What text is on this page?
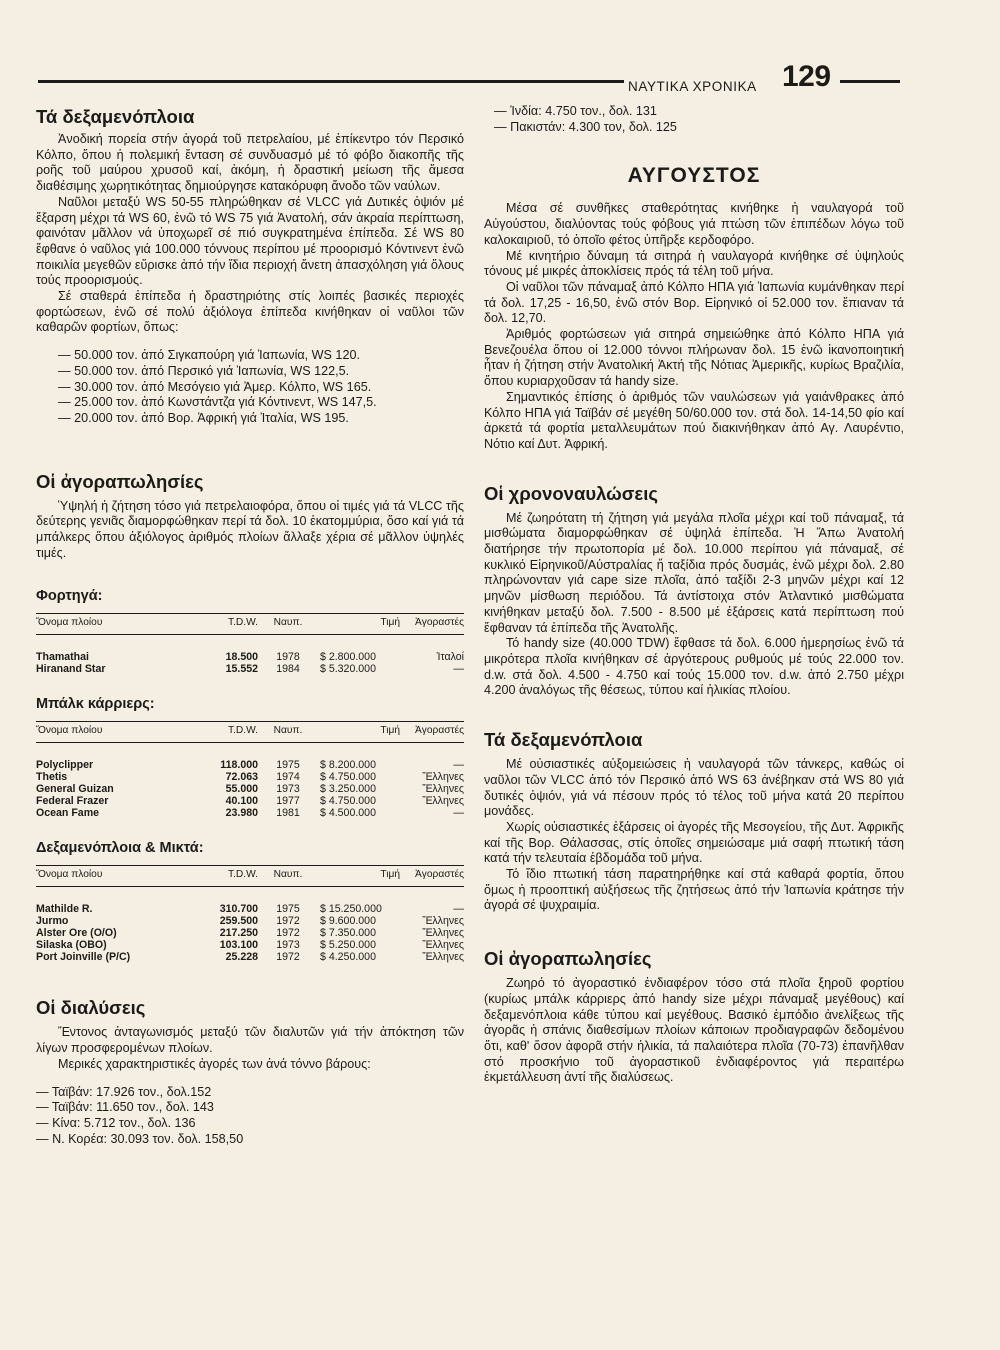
ΝΑΥΤΙΚΑ ΧΡΟΝΙΚΑ 129
Τά δεξαμενόπλοια

Ἀνοδική πορεία στήν ἀγορά τοῦ πετρελαίου, μέ ἐπίκεντρο τόν Περσικό Κόλπο, ὅπου ἡ πολεμική ἔνταση σέ συνδυασμό μέ τό φόβο διακοπῆς τῆς ροῆς τοῦ μαύρου χρυσοῦ καί, ἀκόμη, ἡ δραστική μείωση τῆς ἄμεσα διαθέσιμης χωρητικότητας δημιούργησε κατακόρυφη ἄνοδο τῶν ναύλων.

Ναῦλοι μεταξύ WS 50-55 πληρώθηκαν σέ VLCC γιά Δυτικές ὀψιόν μέ ἔξαρση μέχρι τά WS 60, ἐνῶ τό WS 75 γιά Ἀνατολή, σάν ἀκραία περίπτωση, φαινόταν μᾶλλον νά ὑποχωρεῖ σέ πιό συγκρατημένα ἐπίπεδα. Σέ WS 80 ἔφθανε ὁ ναῦλος γιά 100.000 τόννους περίπου μέ προορισμό Κόντινεντ ἐνῶ ποικιλία μεγεθῶν εὕρισκε ἀπό τήν ἴδια περιοχή ἄνετη ἀπασχόληση γιά ὅλους τούς προορισμούς.

Σέ σταθερά ἐπίπεδα ἡ δραστηριότης στίς λοιπές βασικές περιοχές φορτώσεων, ἐνῶ σέ πολύ ἀξιόλογα ἐπίπεδα κινήθηκαν οἱ ναῦλοι τῶν καθαρῶν φορτίων, ὅπως:

— 50.000 τον. ἀπό Σιγκαπούρη γιά Ἰαπωνία, WS 120.
— 50.000 τον. ἀπό Περσικό γιά Ἰαπωνία, WS 122,5.
— 30.000 τον. ἀπό Μεσόγειο γιά Ἀμερ. Κόλπο, WS 165.
— 25.000 τον. ἀπό Κωνστάντζα γιά Κόντινεντ, WS 147,5.
— 20.000 τον. ἀπό Βορ. Ἀφρική γιά Ἰταλία, WS 195.
Οἱ ἀγοραπωλησίες

Ὑψηλή ἡ ζήτηση τόσο γιά πετρελαιοφόρα, ὅπου οἱ τιμές γιά τά VLCC τῆς δεύτερης γενιᾶς διαμορφώθηκαν περί τά δολ. 10 ἑκατομμύρια, ὅσο καί γιά τά μπάλκερς ὅπου ἀξιόλογος ἀριθμός πλοίων ἄλλαξε χέρια σέ μᾶλλον ὑψηλές τιμές.

Φορτηγά:
Ὄνομα πλοίου	T.D.W.	Ναυπ.	Τιμή	Ἀγοραστές

Thamathai	18.500	1978	$ 2.800.000	Ἰταλοί
Hiranand Star	15.552	1984	$ 5.320.000	—
Μπάλκ κάρριερς:
Ὄνομα πλοίου	T.D.W.	Ναυπ.	Τιμή	Ἀγοραστές

Polyclipper	118.000	1975	$ 8.200.000	—
Thetis	72.063	1974	$ 4.750.000	Ἕλληνες
General Guizan	55.000	1973	$ 3.250.000	Ἕλληνες
Federal Frazer	40.100	1977	$ 4.750.000	Ἕλληνες
Ocean Fame	23.980	1981	$ 4.500.000	—
Δεξαμενόπλοια & Μικτά:
Ὄνομα πλοίου	T.D.W.	Ναυπ.	Τιμή	Ἀγοραστές

Mathilde R.	310.700	1975	$ 15.250.000	—
Jurmo	259.500	1972	$ 9.600.000	Ἕλληνες
Alster Ore (O/O)	217.250	1972	$ 7.350.000	Ἕλληνες
Silaska (OBO)	103.100	1973	$ 5.250.000	Ἕλληνες
Port Joinville (P/C)	25.228	1972	$ 4.250.000	Ἕλληνες
Οἱ διαλύσεις

Ἔντονος ἀνταγωνισμός μεταξύ τῶν διαλυτῶν γιά τήν ἀπόκτηση τῶν λίγων προσφερομένων πλοίων.

Μερικές χαρακτηριστικές ἀγορές των ἀνά τόννο βάρους:

— Ταϊβάν: 17.926 τον., δολ.152
— Ταϊβάν: 11.650 τον., δολ. 143
— Κίνα: 5.712 τον., δολ. 136
— Ν. Κορέα: 30.093 τον. δολ. 158,50
— Ἰνδία: 4.750 τον., δολ. 131
— Πακιστάν: 4.300 τον, δολ. 125
ΑΥΓΟΥΣΤΟΣ

Μέσα σέ συνθῆκες σταθερότητας κινήθηκε ἡ ναυλαγορά τοῦ Αὐγούστου, διαλύοντας τούς φόβους γιά πτώση τῶν ἐπιπέδων λόγω τοῦ καλοκαιριοῦ, τό ὁποῖο φέτος ὑπῆρξε κερδοφόρο.

Μέ κινητήριο δύναμη τά σιτηρά ἡ ναυλαγορά κινήθηκε σέ ὑψηλούς τόνους μέ μικρές ἀποκλίσεις πρός τά τέλη τοῦ μήνα.

Οἱ ναῦλοι τῶν πάναμαξ ἀπό Κόλπο ΗΠΑ γιά Ἰαπωνία κυμάνθηκαν περί τά δολ. 17,25 - 16,50, ἐνῶ στόν Βορ. Εἰρηνικό οἱ 52.000 τον. ἔπιαναν τά δολ. 12,70.

Ἀριθμός φορτώσεων γιά σιτηρά σημειώθηκε ἀπό Κόλπο ΗΠΑ γιά Βενεζουέλα ὅπου οἱ 12.000 τόννοι πλήρωναν δολ. 15 ἐνῶ ἱκανοποιητική ἦταν ἡ ζήτηση στήν Ἀνατολική Ἀκτή τῆς Νότιας Ἀμερικῆς, κυρίως Βραζιλία, ὅπου κυριαρχοῦσαν τά handy size.

Σημαντικός ἐπίσης ὁ ἀριθμός τῶν ναυλώσεων γιά γαιάνθρακες ἀπό Κόλπο ΗΠΑ γιά Ταϊβάν σέ μεγέθη 50/60.000 τον. στά δολ. 14-14,50 φίο καί ἀρκετά τά φορτία μεταλλευμάτων πού διακινήθηκαν ἀπό Αγ. Λαυρέντιο, Νότιο καί Δυτ. Ἀφρική.

Οἱ χρονοναυλώσεις

Μέ ζωηρότατη τή ζήτηση γιά μεγάλα πλοῖα μέχρι καί τοῦ πάναμαξ, τά μισθώματα διαμορφώθηκαν σέ ὑψηλά ἐπίπεδα. Ἡ Ἄπω Ἀνατολή διατήρησε τήν πρωτοπορία μέ δολ. 10.000 περίπου γιά πάναμαξ, σέ κυκλικό Εἰρηνικοῦ/Αὐστραλίας ἤ ταξίδια πρός δυσμάς, ἐνῶ μέχρι δολ. 2.80 πληρώνονταν γιά cape size πλοῖα, ἀπό ταξίδι 2-3 μηνῶν μέχρι καί 12 μηνῶν μίσθωση περιόδου. Τά ἀντίστοιχα στόν Ἀτλαντικό μισθώματα κινήθηκαν μεταξύ δολ. 7.500 - 8.500 μέ ἐξάρσεις κατά περίπτωση πού ἔφθαναν τά ἐπίπεδα τῆς Ἀνατολῆς.

Τό handy size (40.000 TDW) ἔφθασε τά δολ. 6.000 ἡμερησίως ἐνῶ τά μικρότερα πλοῖα κινήθηκαν σέ ἀργότερους ρυθμούς μέ τούς 22.000 τον. d.w. στά δολ. 4.500 - 4.750 καί τούς 15.000 τον. d.w. ἀπό 2.750 μέχρι 4.200 ἀναλόγως τῆς θέσεως, τύπου καί ἡλικίας πλοίου.

Τά δεξαμενόπλοια

Μέ οὐσιαστικές αὐξομειώσεις ἡ ναυλαγορά τῶν τάνκερς, καθώς οἱ ναῦλοι τῶν VLCC ἀπό τόν Περσικό ἀπό WS 63 ἀνέβηκαν στά WS 80 γιά δυτικές ὀψιόν, γιά νά πέσουν πρός τό τέλος τοῦ μήνα κατά 20 περίπου μονάδες.

Χωρίς οὐσιαστικές ἐξάρσεις οἱ ἀγορές τῆς Μεσογείου, τῆς Δυτ. Ἀφρικῆς καί τῆς Βορ. Θάλασσας, στίς ὁποῖες σημειώσαμε μιά σαφή πτωτική τάση κατά τήν τελευταία ἑβδομάδα τοῦ μήνα.

Τό ἴδιο πτωτική τάση παρατηρήθηκε καί στά καθαρά φορτία, ὅπου ὅμως ἡ προοπτική αὐξήσεως τῆς ζητήσεως ἀπό τήν Ἰαπωνία κράτησε τήν ἀγορά σέ ψυχραιμία.

Οἱ ἀγοραπωλησίες

Ζωηρό τό ἀγοραστικό ἐνδιαφέρον τόσο στά πλοῖα ξηροῦ φορτίου (κυρίως μπάλκ κάρριερς ἀπό handy size μέχρι πάναμαξ μεγέθους) καί δεξαμενόπλοια κάθε τύπου καί μεγέθους. Βασικό ἐμπόδιο ἀνελίξεως τῆς ἀγορᾶς ἡ σπάνις διαθεσίμων πλοίων κάποιων προδιαγραφῶν δεδομένου ὅτι, καθ' ὅσον ἀφορᾶ στήν ἡλικία, τά παλαιότερα πλοῖα (70-73) ἐπανῆλθαν στό προσκήνιο τοῦ ἀγοραστικοῦ ἐνδιαφέροντος γιά περαιτέρω ἐκμετάλλευση ἀντί τῆς διαλύσεως.
